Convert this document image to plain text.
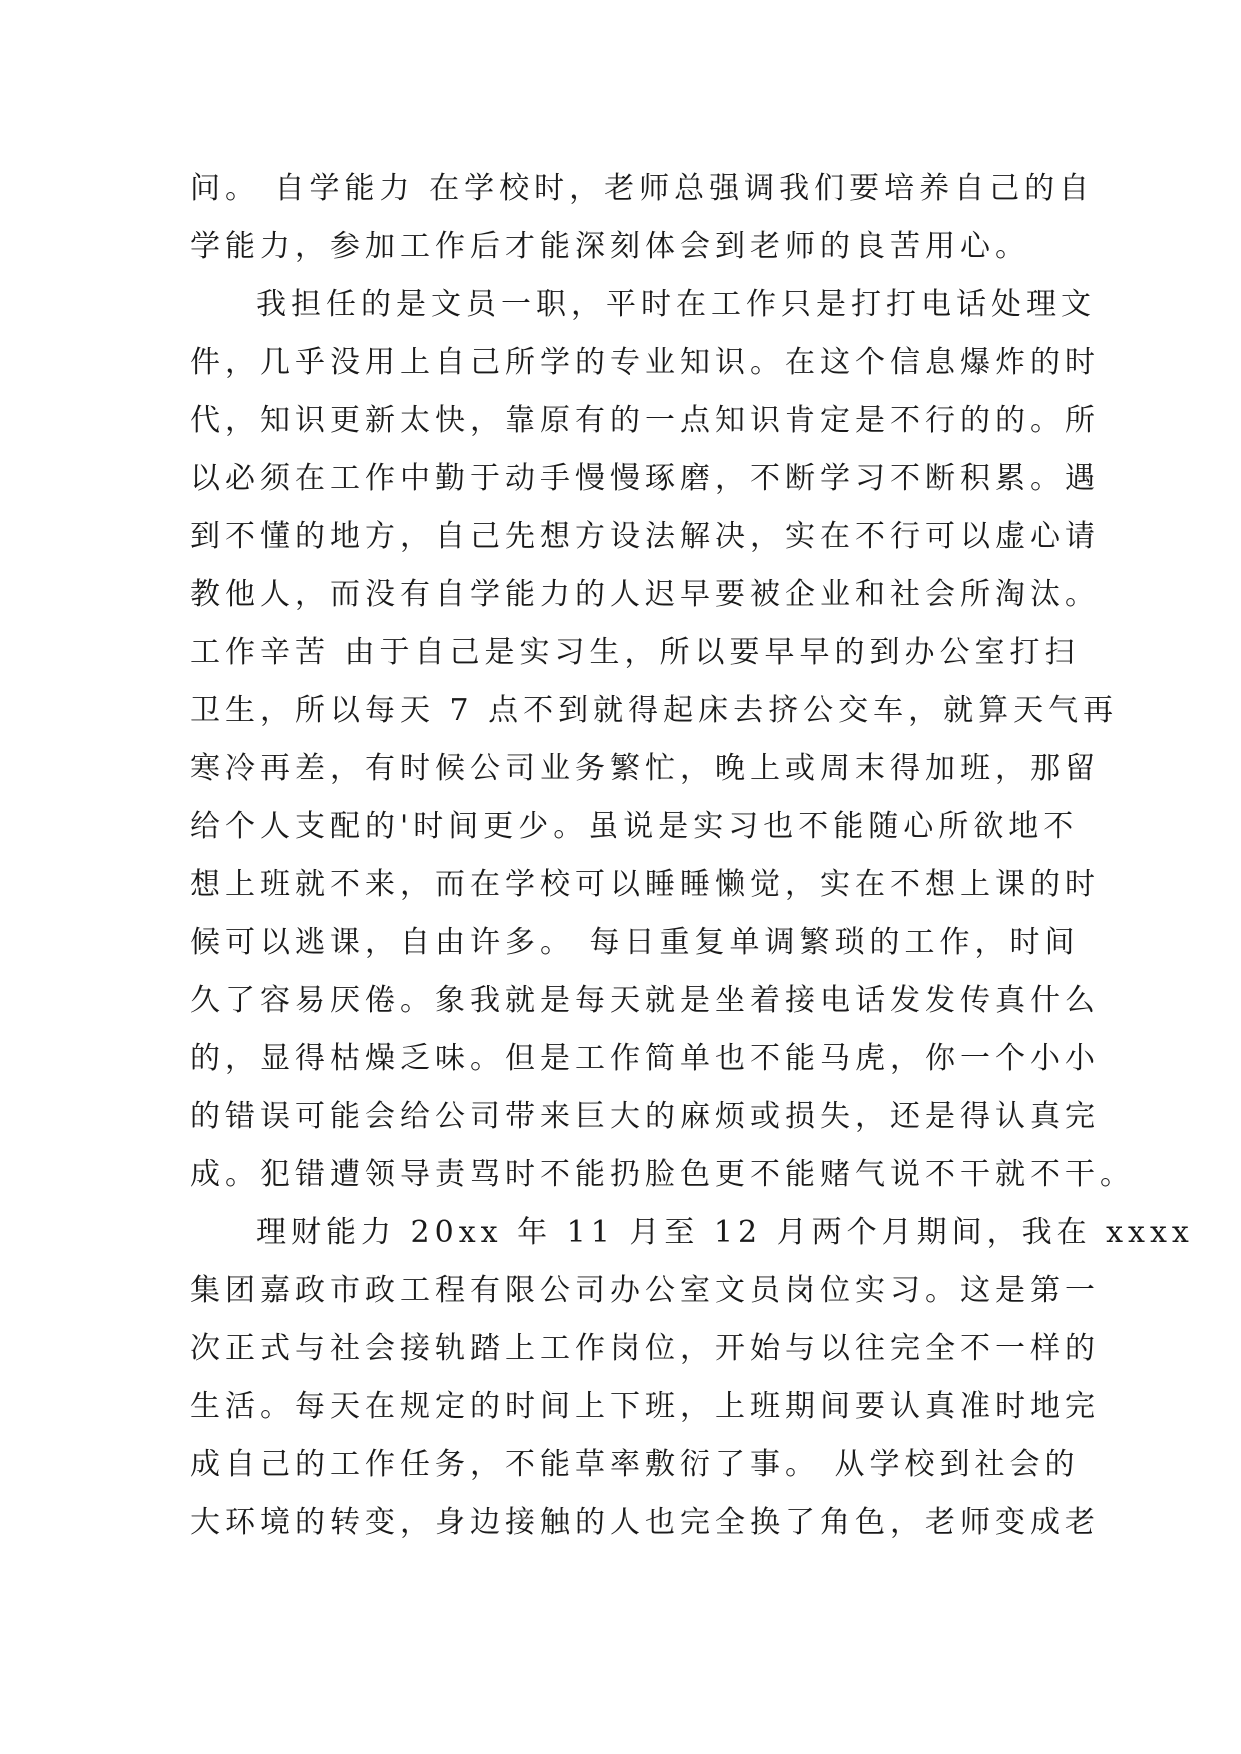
问。 自学能力 在学校时，老师总强调我们要培养自己的自
学能力，参加工作后才能深刻体会到老师的良苦用心。
我担任的是文员一职，平时在工作只是打打电话处理文
件，几乎没用上自己所学的专业知识。在这个信息爆炸的时
代，知识更新太快，靠原有的一点知识肯定是不行的的。所
以必须在工作中勤于动手慢慢琢磨，不断学习不断积累。遇
到不懂的地方，自己先想方设法解决，实在不行可以虚心请
教他人，而没有自学能力的人迟早要被企业和社会所淘汰。
工作辛苦 由于自己是实习生，所以要早早的到办公室打扫
卫生，所以每天 7 点不到就得起床去挤公交车，就算天气再
寒冷再差，有时候公司业务繁忙，晚上或周末得加班，那留
给个人支配的'时间更少。虽说是实习也不能随心所欲地不
想上班就不来，而在学校可以睡睡懒觉，实在不想上课的时
候可以逃课，自由许多。 每日重复单调繁琐的工作，时间
久了容易厌倦。象我就是每天就是坐着接电话发发传真什么
的，显得枯燥乏味。但是工作简单也不能马虎，你一个小小
的错误可能会给公司带来巨大的麻烦或损失，还是得认真完
成。犯错遭领导责骂时不能扔脸色更不能赌气说不干就不干。
理财能力 20xx 年 11 月至 12 月两个月期间，我在 xxxx
集团嘉政市政工程有限公司办公室文员岗位实习。这是第一
次正式与社会接轨踏上工作岗位，开始与以往完全不一样的
生活。每天在规定的时间上下班，上班期间要认真准时地完
成自己的工作任务，不能草率敷衍了事。 从学校到社会的
大环境的转变，身边接触的人也完全换了角色，老师变成老
